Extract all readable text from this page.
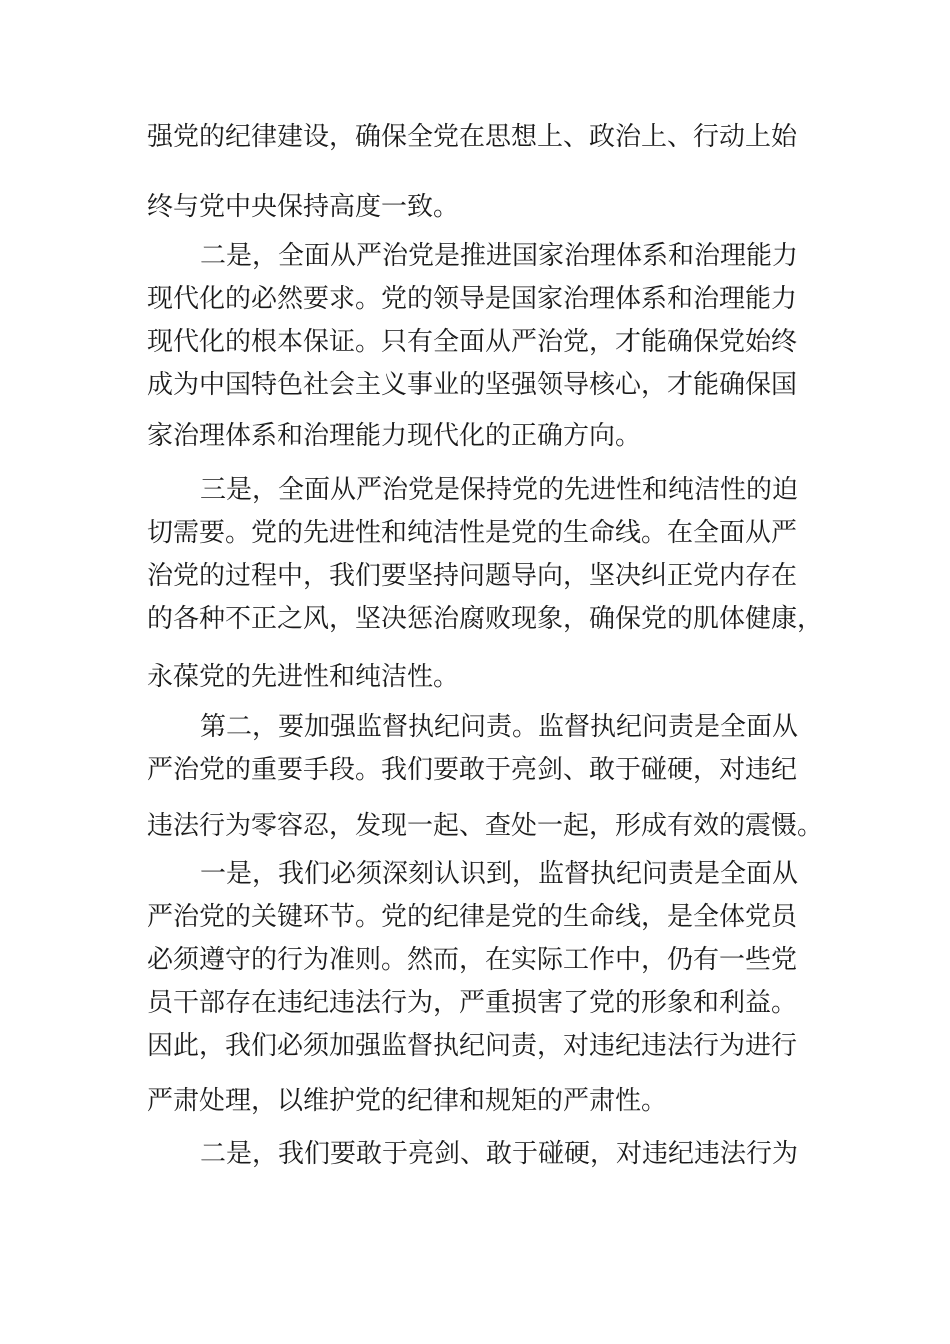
强党的纪律建设，确保全党在思想上、政治上、行动上始
终与党中央保持高度一致。
二是，全面从严治党是推进国家治理体系和治理能力
现代化的必然要求。党的领导是国家治理体系和治理能力
现代化的根本保证。只有全面从严治党，才能确保党始终
成为中国特色社会主义事业的坚强领导核心，才能确保国
家治理体系和治理能力现代化的正确方向。
三是，全面从严治党是保持党的先进性和纯洁性的迫
切需要。党的先进性和纯洁性是党的生命线。在全面从严
治党的过程中，我们要坚持问题导向，坚决纠正党内存在
的各种不正之风，坚决惩治腐败现象，确保党的肌体健康，
永葆党的先进性和纯洁性。
第二，要加强监督执纪问责。监督执纪问责是全面从
严治党的重要手段。我们要敢于亮剑、敢于碰硬，对违纪
违法行为零容忍，发现一起、查处一起，形成有效的震慑。
一是，我们必须深刻认识到，监督执纪问责是全面从
严治党的关键环节。党的纪律是党的生命线，是全体党员
必须遵守的行为准则。然而，在实际工作中，仍有一些党
员干部存在违纪违法行为，严重损害了党的形象和利益。
因此，我们必须加强监督执纪问责，对违纪违法行为进行
严肃处理，以维护党的纪律和规矩的严肃性。
二是，我们要敢于亮剑、敢于碰硬，对违纪违法行为
